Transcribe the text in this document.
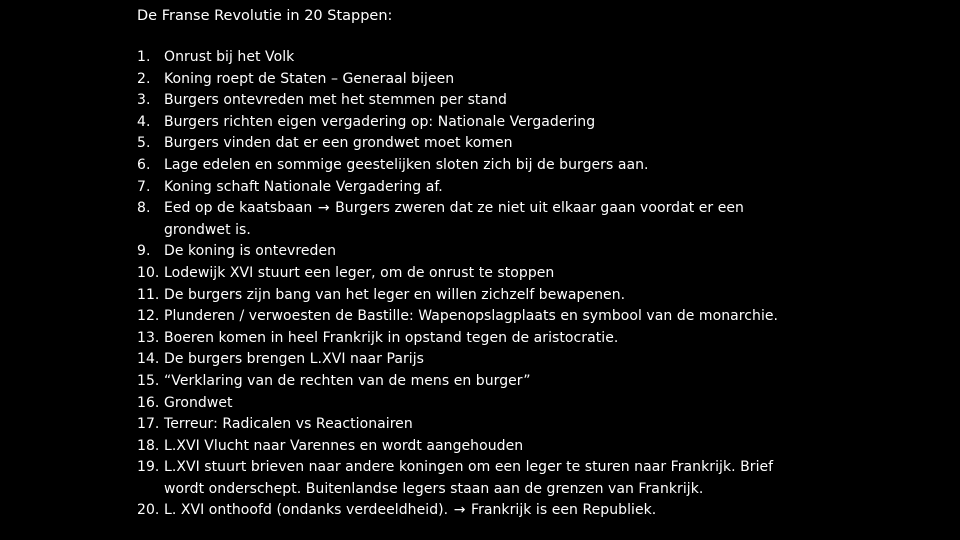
De Franse Revolutie in 20 Stappen:
1. Onrust bij het Volk
2. Koning roept de Staten – Generaal bijeen
3. Burgers ontevreden met het stemmen per stand
4. Burgers richten eigen vergadering op: Nationale Vergadering
5. Burgers vinden dat er een grondwet moet komen
6. Lage edelen en sommige geestelijken sloten zich bij de burgers aan.
7. Koning schaft Nationale Vergadering af.
8. Eed op de kaatsbaan → Burgers zweren dat ze niet uit elkaar gaan voordat er een grondwet is.
9. De koning is ontevreden
10. Lodewijk XVI stuurt een leger, om de onrust te stoppen
11. De burgers zijn bang van het leger en willen zichzelf bewapenen.
12. Plunderen / verwoesten de Bastille: Wapenopslagplaats en symbool van de monarchie.
13. Boeren komen in heel Frankrijk in opstand tegen de aristocratie.
14. De burgers brengen L.XVI naar Parijs
15. “Verklaring van de rechten van de mens en burger”
16. Grondwet
17. Terreur: Radicalen vs Reactionairen
18. L.XVI Vlucht naar Varennes en wordt aangehouden
19. L.XVI stuurt brieven naar andere koningen om een leger te sturen naar Frankrijk. Brief wordt onderschept. Buitenlandse legers staan aan de grenzen van Frankrijk.
20. L. XVI onthoofd (ondanks verdeeldheid). → Frankrijk is een Republiek.
